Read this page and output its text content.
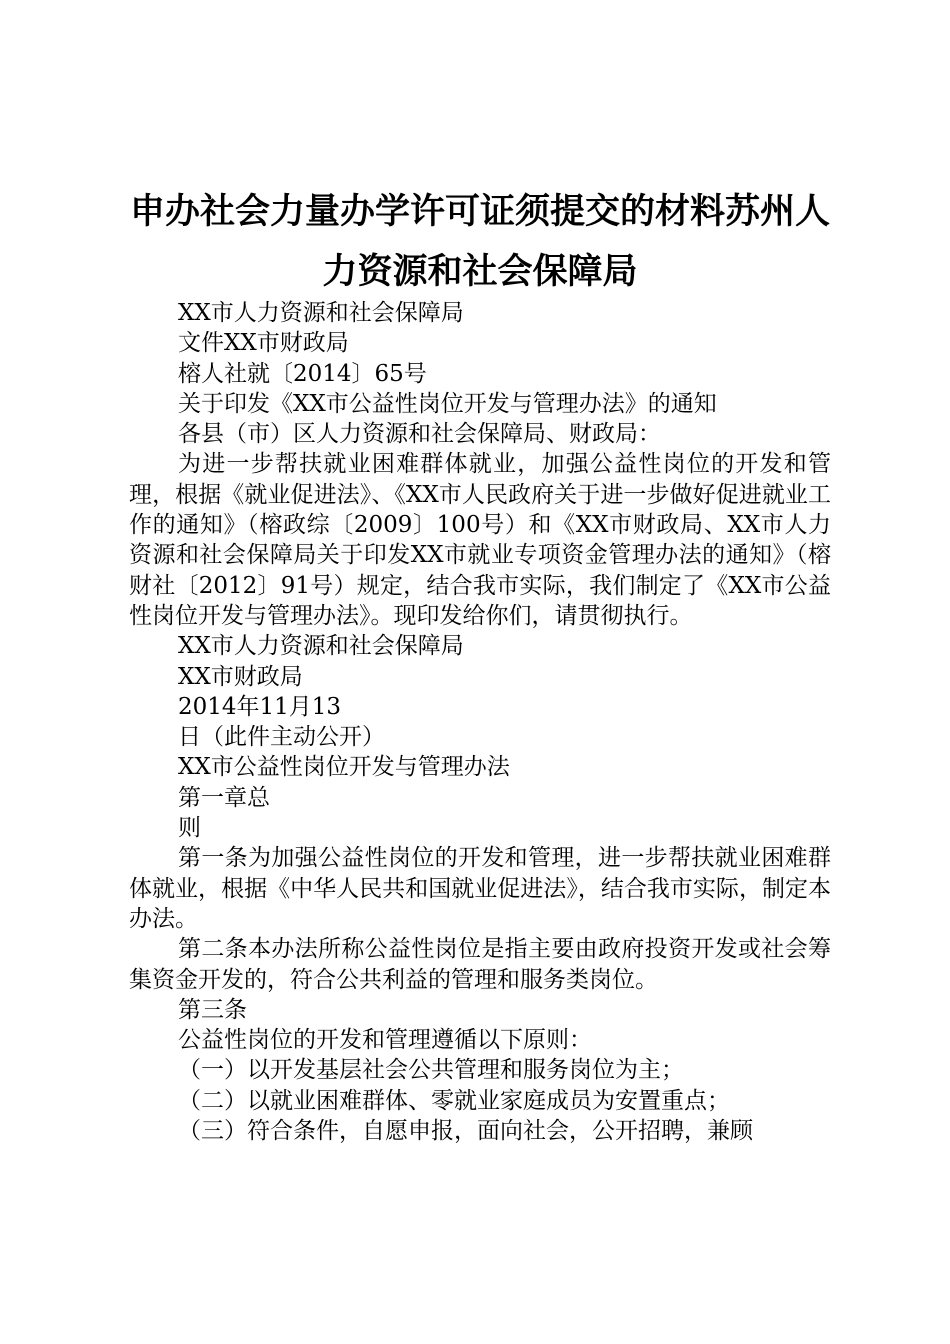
申办社会力量办学许可证须提交的材料苏州人
力资源和社会保障局

XX市人力资源和社会保障局

文件XX市财政局

榕人社就〔2014〕65号

关于印发《XX市公益性岗位开发与管理办法》的通知

各县（市）区人力资源和社会保障局、财政局：

为进一步帮扶就业困难群体就业，加强公益性岗位的开发和管理，根据《就业促进法》、《XX市人民政府关于进一步做好促进就业工作的通知》（榕政综〔2009〕100号）和《XX市财政局、XX市人力资源和社会保障局关于印发XX市就业专项资金管理办法的通知》（榕财社〔2012〕91号）规定，结合我市实际，我们制定了《XX市公益性岗位开发与管理办法》。现印发给你们，请贯彻执行。

XX市人力资源和社会保障局

XX市财政局

2014年11月13

日（此件主动公开）

XX市公益性岗位开发与管理办法

第一章总

则

第一条为加强公益性岗位的开发和管理，进一步帮扶就业困难群体就业，根据《中华人民共和国就业促进法》，结合我市实际，制定本办法。

第二条本办法所称公益性岗位是指主要由政府投资开发或社会筹集资金开发的，符合公共利益的管理和服务类岗位。

第三条

公益性岗位的开发和管理遵循以下原则：

（一）以开发基层社会公共管理和服务岗位为主；

（二）以就业困难群体、零就业家庭成员为安置重点；

（三）符合条件，自愿申报，面向社会，公开招聘，兼顾
